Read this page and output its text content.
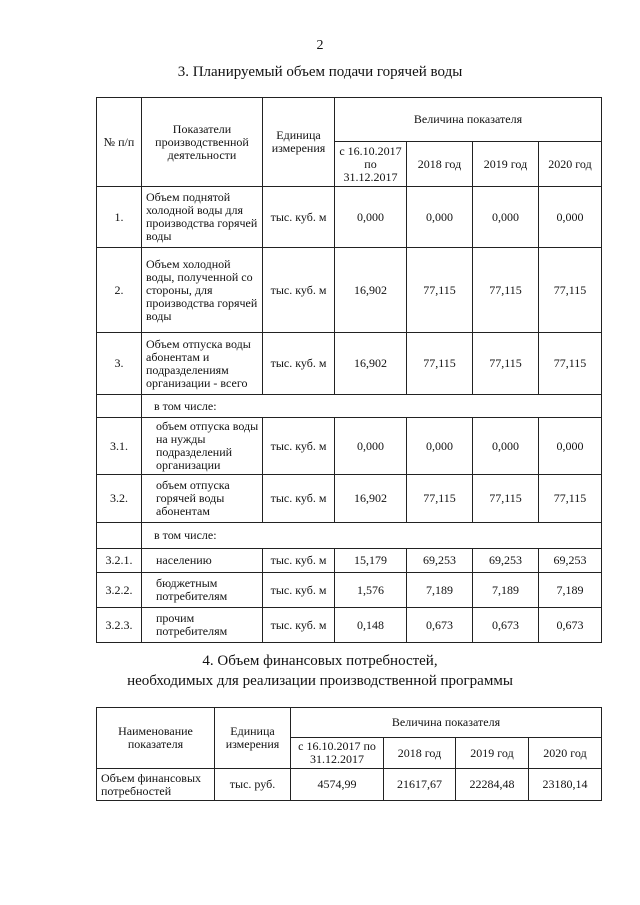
2
3. Планируемый объем подачи горячей воды
№ п/п	Показатели производственной деятельности	Единица измерения	Величина показателя			
			с 16.10.2017 по 31.12.2017	2018 год	2019 год	2020 год
1.	Объем поднятой холодной воды для производства горячей воды	тыс. куб. м	0,000	0,000	0,000	0,000
2.	Объем холодной воды, полученной со стороны, для производства горячей воды	тыс. куб. м	16,902	77,115	77,115	77,115
3.	Объем отпуска воды абонентам и подразделениям организации - всего	тыс. куб. м	16,902	77,115	77,115	77,115
	в том числе:					
3.1.	объем отпуска воды на нужды подразделений организации	тыс. куб. м	0,000	0,000	0,000	0,000
3.2.	объем отпуска горячей воды абонентам	тыс. куб. м	16,902	77,115	77,115	77,115
	в том числе:					
3.2.1.	населению	тыс. куб. м	15,179	69,253	69,253	69,253
3.2.2.	бюджетным потребителям	тыс. куб. м	1,576	7,189	7,189	7,189
3.2.3.	прочим потребителям	тыс. куб. м	0,148	0,673	0,673	0,673
4. Объем финансовых потребностей,
необходимых для реализации производственной программы
Наименование показателя	Единица измерения	Величина показателя			
		с 16.10.2017 по 31.12.2017	2018 год	2019 год	2020 год
Объем финансовых потребностей	тыс. руб.	4574,99	21617,67	22284,48	23180,14
